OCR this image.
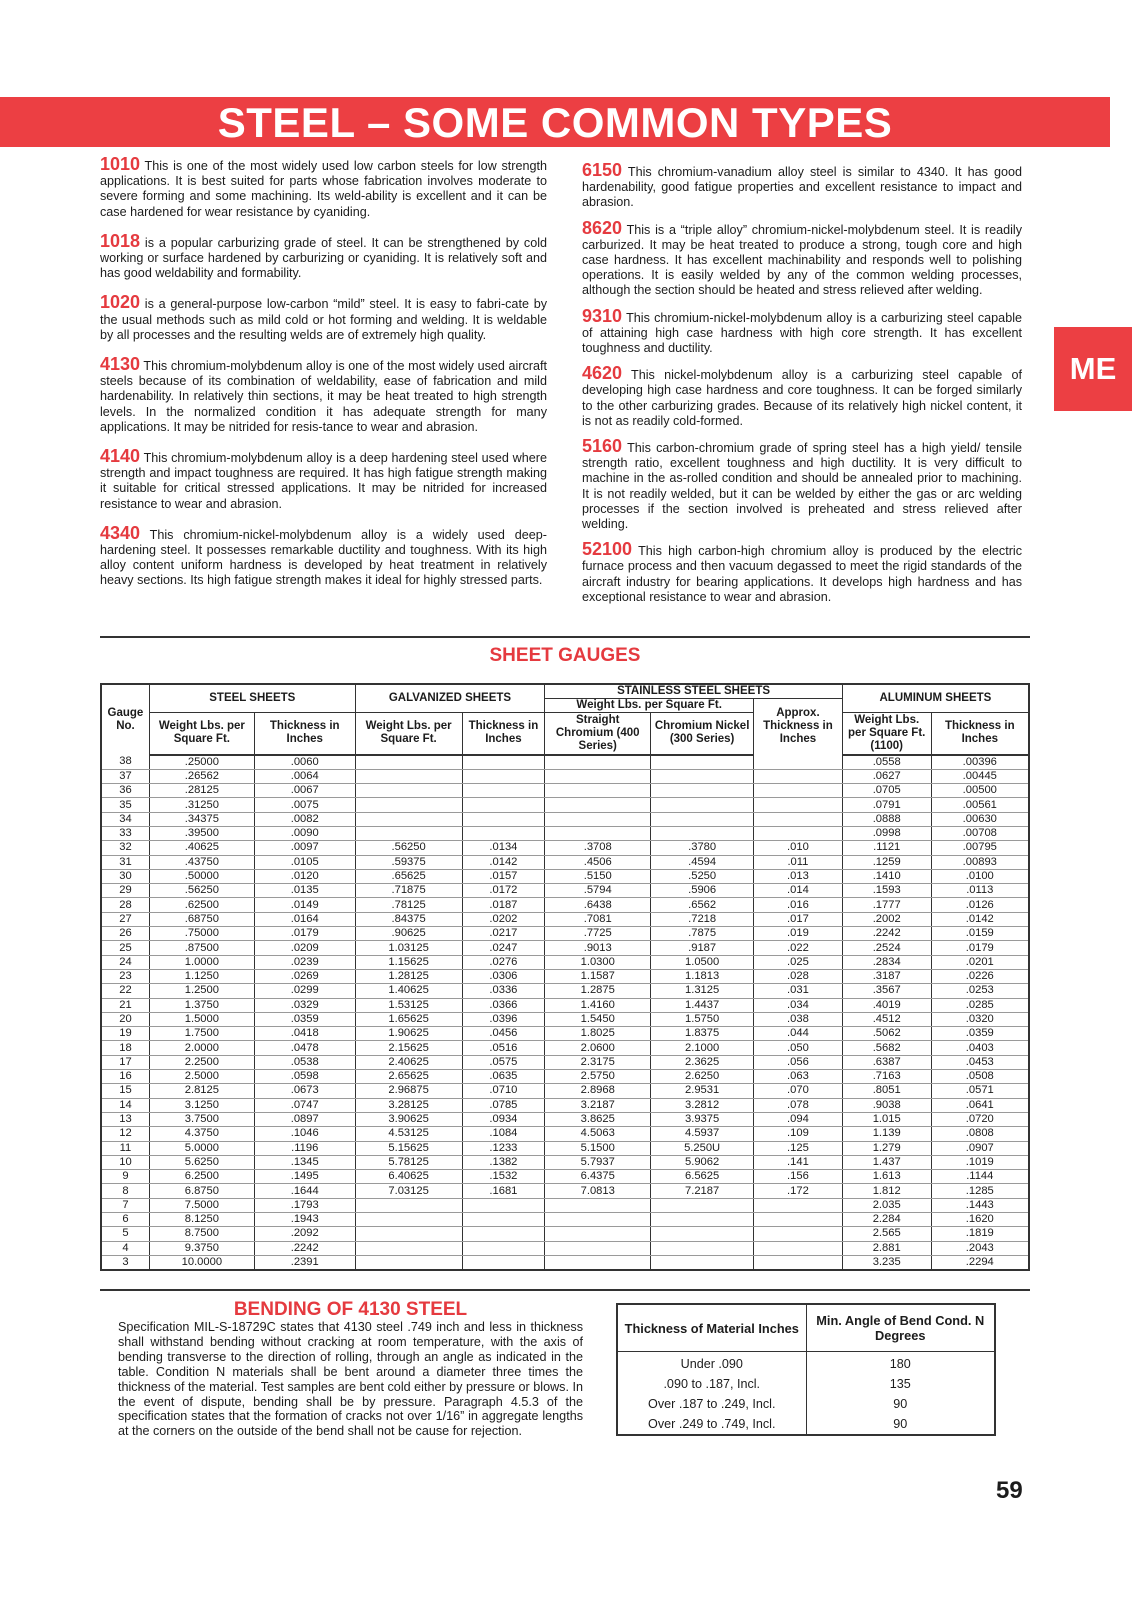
STEEL – SOME COMMON TYPES
ME

1010 This is one of the most widely used low carbon steels for low strength applications. It is best suited for parts whose fabrication involves moderate to severe forming and some machining. Its weld-ability is excellent and it can be case hardened for wear resistance by cyaniding.

1018 is a popular carburizing grade of steel. It can be strengthened by cold working or surface hardened by carburizing or cyaniding. It is relatively soft and has good weldability and formability.

1020 is a general-purpose low-carbon “mild” steel. It is easy to fabri-cate by the usual methods such as mild cold or hot forming and welding. It is weldable by all processes and the resulting welds are of extremely high quality.

4130 This chromium-molybdenum alloy is one of the most widely used aircraft steels because of its combination of weldability, ease of fabrication and mild hardenability. In relatively thin sections, it may be heat treated to high strength levels. In the normalized condition it has adequate strength for many applications. It may be nitrided for resis-tance to wear and abrasion.

4140 This chromium-molybdenum alloy is a deep hardening steel used where strength and impact toughness are required. It has high fatigue strength making it suitable for critical stressed applications. It may be nitrided for increased resistance to wear and abrasion.

4340 This chromium-nickel-molybdenum alloy is a widely used deep-hardening steel. It possesses remarkable ductility and toughness. With its high alloy content uniform hardness is developed by heat treatment in relatively heavy sections. Its high fatigue strength makes it ideal for highly stressed parts.

6150 This chromium-vanadium alloy steel is similar to 4340. It has good hardenability, good fatigue properties and excellent resistance to impact and abrasion.

8620 This is a “triple alloy” chromium-nickel-molybdenum steel. It is readily carburized. It may be heat treated to produce a strong, tough core and high case hardness. It has excellent machinability and responds well to polishing operations. It is easily welded by any of the common welding processes, although the section should be heated and stress relieved after welding.

9310 This chromium-nickel-molybdenum alloy is a carburizing steel capable of attaining high case hardness with high core strength. It has excellent toughness and ductility.

4620 This nickel-molybdenum alloy is a carburizing steel capable of developing high case hardness and core toughness. It can be forged similarly to the other carburizing grades. Because of its relatively high nickel content, it is not as readily cold-formed.

5160 This carbon-chromium grade of spring steel has a high yield/ tensile strength ratio, excellent toughness and high ductility. It is very difficult to machine in the as-rolled condition and should be annealed prior to machining. It is not readily welded, but it can be welded by either the gas or arc welding processes if the section involved is preheated and stress relieved after welding.

52100 This high carbon-high chromium alloy is produced by the electric furnace process and then vacuum degassed to meet the rigid standards of the aircraft industry for bearing applications. It develops high hardness and has exceptional resistance to wear and abrasion.

SHEET GAUGES
Gauge No.	STEEL SHEETS		GALVANIZED SHEETS		STAINLESS STEEL SHEETS			ALUMINUM SHEETS	
					Weight Lbs. per Square Ft.		Approx. Thickness in Inches		
	Weight Lbs. per Square Ft.	Thickness in Inches	Weight Lbs. per Square Ft.	Thickness in Inches	Straight Chromium (400 Series)	Chromium Nickel (300 Series)		Weight Lbs. per Square Ft. (1100)	Thickness in Inches
38	.25000	.0060						.0558	.00396
37	.26562	.0064						.0627	.00445
36	.28125	.0067						.0705	.00500
35	.31250	.0075						.0791	.00561
34	.34375	.0082						.0888	.00630
33	.39500	.0090						.0998	.00708
32	.40625	.0097	.56250	.0134	.3708	.3780	.010	.1121	.00795
31	.43750	.0105	.59375	.0142	.4506	.4594	.011	.1259	.00893
30	.50000	.0120	.65625	.0157	.5150	.5250	.013	.1410	.0100
29	.56250	.0135	.71875	.0172	.5794	.5906	.014	.1593	.0113
28	.62500	.0149	.78125	.0187	.6438	.6562	.016	.1777	.0126
27	.68750	.0164	.84375	.0202	.7081	.7218	.017	.2002	.0142
26	.75000	.0179	.90625	.0217	.7725	.7875	.019	.2242	.0159
25	.87500	.0209	1.03125	.0247	.9013	.9187	.022	.2524	.0179
24	1.0000	.0239	1.15625	.0276	1.0300	1.0500	.025	.2834	.0201
23	1.1250	.0269	1.28125	.0306	1.1587	1.1813	.028	.3187	.0226
22	1.2500	.0299	1.40625	.0336	1.2875	1.3125	.031	.3567	.0253
21	1.3750	.0329	1.53125	.0366	1.4160	1.4437	.034	.4019	.0285
20	1.5000	.0359	1.65625	.0396	1.5450	1.5750	.038	.4512	.0320
19	1.7500	.0418	1.90625	.0456	1.8025	1.8375	.044	.5062	.0359
18	2.0000	.0478	2.15625	.0516	2.0600	2.1000	.050	.5682	.0403
17	2.2500	.0538	2.40625	.0575	2.3175	2.3625	.056	.6387	.0453
16	2.5000	.0598	2.65625	.0635	2.5750	2.6250	.063	.7163	.0508
15	2.8125	.0673	2.96875	.0710	2.8968	2.9531	.070	.8051	.0571
14	3.1250	.0747	3.28125	.0785	3.2187	3.2812	.078	.9038	.0641
13	3.7500	.0897	3.90625	.0934	3.8625	3.9375	.094	1.015	.0720
12	4.3750	.1046	4.53125	.1084	4.5063	4.5937	.109	1.139	.0808
11	5.0000	.1196	5.15625	.1233	5.1500	5.250U	.125	1.279	.0907
10	5.6250	.1345	5.78125	.1382	5.7937	5.9062	.141	1.437	.1019
9	6.2500	.1495	6.40625	.1532	6.4375	6.5625	.156	1.613	.1144
8	6.8750	.1644	7.03125	.1681	7.0813	7.2187	.172	1.812	.1285
7	7.5000	.1793						2.035	.1443
6	8.1250	.1943						2.284	.1620
5	8.7500	.2092						2.565	.1819
4	9.3750	.2242						2.881	.2043
3	10.0000	.2391						3.235	.2294
BENDING OF 4130 STEEL
Specification MIL-S-18729C states that 4130 steel .749 inch and less in thickness shall withstand bending without cracking at room temperature, with the axis of bending transverse to the direction of rolling, through an angle as indicated in the table. Condition N materials shall be bent around a diameter three times the thickness of the material. Test samples are bent cold either by pressure or blows. In the event of dispute, bending shall be by pressure. Paragraph 4.5.3 of the specification states that the formation of cracks not over 1/16” in aggregate lengths at the corners on the outside of the bend shall not be cause for rejection.
Thickness of Material Inches	Min. Angle of Bend Cond. N Degrees
Under .090	180
.090 to .187, Incl.	135
Over .187 to .249, Incl.	90
Over .249 to .749, Incl.	90
59
